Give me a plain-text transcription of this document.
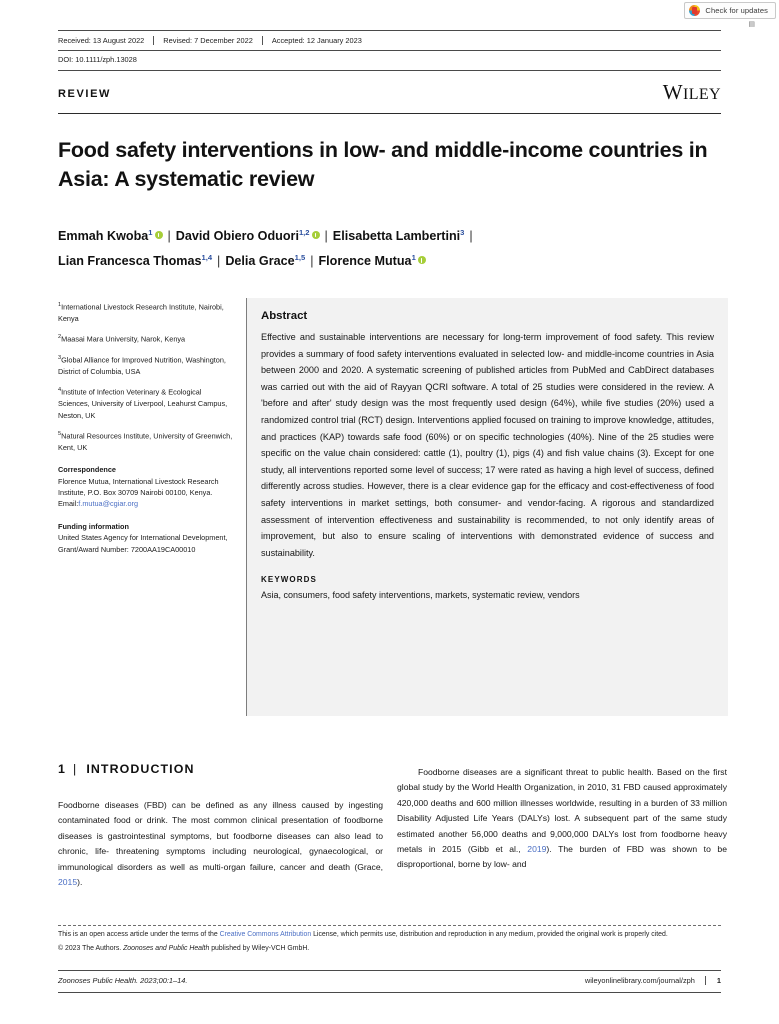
Check for updates
▤
Received: 13 August 2022	Revised: 7 December 2022	Accepted: 12 January 2023
DOI: 10.1111/zph.13028
REVIEW	WILEY
Food safety interventions in low- and middle-income countries in Asia: A systematic review
Emmah Kwoba$^1$ | David Obiero Oduori$^{1,2}$ | Elisabetta Lambertini$^3$ |
Lian Francesca Thomas$^{1,4}$ | Delia Grace$^{1,5}$ | Florence Mutua$^1$

$^1$International Livestock Research Institute, Nairobi, Kenya

$^2$Maasai Mara University, Narok, Kenya

$^3$Global Alliance for Improved Nutrition, Washington, District of Columbia, USA

$^4$Institute of Infection Veterinary & Ecological Sciences, University of Liverpool, Leahurst Campus, Neston, UK

$^5$Natural Resources Institute, University of Greenwich, Kent, UK

Correspondence

Florence Mutua, International Livestock Research Institute, P.O. Box 30709 Nairobi 00100, Kenya.
Email:f.mutua@cgiar.org

Funding information

United States Agency for International Development, Grant/Award Number: 7200AA19CA00010

Abstract
Effective and sustainable interventions are necessary for long-term improvement of food safety. This review provides a summary of food safety interventions evaluated in selected low- and middle-income countries in Asia between 2000 and 2020. A systematic screening of published articles from PubMed and CabDirect databases was carried out with the aid of Rayyan QCRI software. A total of 25 studies were considered in the review. A 'before and after' study design was the most frequently used design (64%), while five studies (20%) used a randomized control trial (RCT) design. Interventions applied focused on training to improve knowledge, attitudes, and practices (KAP) towards safe food (60%) or on specific technologies (40%). Nine of the 25 studies were specific on the value chain considered: cattle (1), poultry (1), pigs (4) and fish value chains (3). Except for one study, all interventions reported some level of success; 17 were rated as having a high level of success, defined differently across studies. However, there is a clear evidence gap for the efficacy and cost-effectiveness of food safety interventions in market settings, both consumer- and vendor-facing. A rigorous and standardized assessment of intervention effectiveness and sustainability is recommended, to not only identify areas of improvement, but also to ensure scaling of interventions with demonstrated evidence of success and sustainability.
KEYWORDS
Asia, consumers, food safety interventions, markets, systematic review, vendors
1 | INTRODUCTION

Foodborne diseases (FBD) can be defined as any illness caused by ingesting contaminated food or drink. The most common clinical presentation of foodborne diseases is gastrointestinal symptoms, but foodborne diseases can also lead to chronic, life- threatening symptoms including neurological, gynaecological, or immunological disorders as well as multi-organ failure, cancer and death (Grace, 2015).

Foodborne diseases are a significant threat to public health. Based on the first global study by the World Health Organization, in 2010, 31 FBD caused approximately 420,000 deaths and 600 million illnesses worldwide, resulting in a burden of 33 million Disability Adjusted Life Years (DALYs) lost. A subsequent part of the same study estimated another 56,000 deaths and 9,000,000 DALYs lost from foodborne heavy metals in 2015 (Gibb et al., 2019). The burden of FBD was shown to be disproportional, borne by low- and

This is an open access article under the terms of the Creative Commons Attribution License, which permits use, distribution and reproduction in any medium, provided the original work is properly cited.
© 2023 The Authors. Zoonoses and Public Health published by Wiley-VCH GmbH.
Zoonoses Public Health. 2023;00:1–14.	wileyonlinelibrary.com/journal/zph	1
